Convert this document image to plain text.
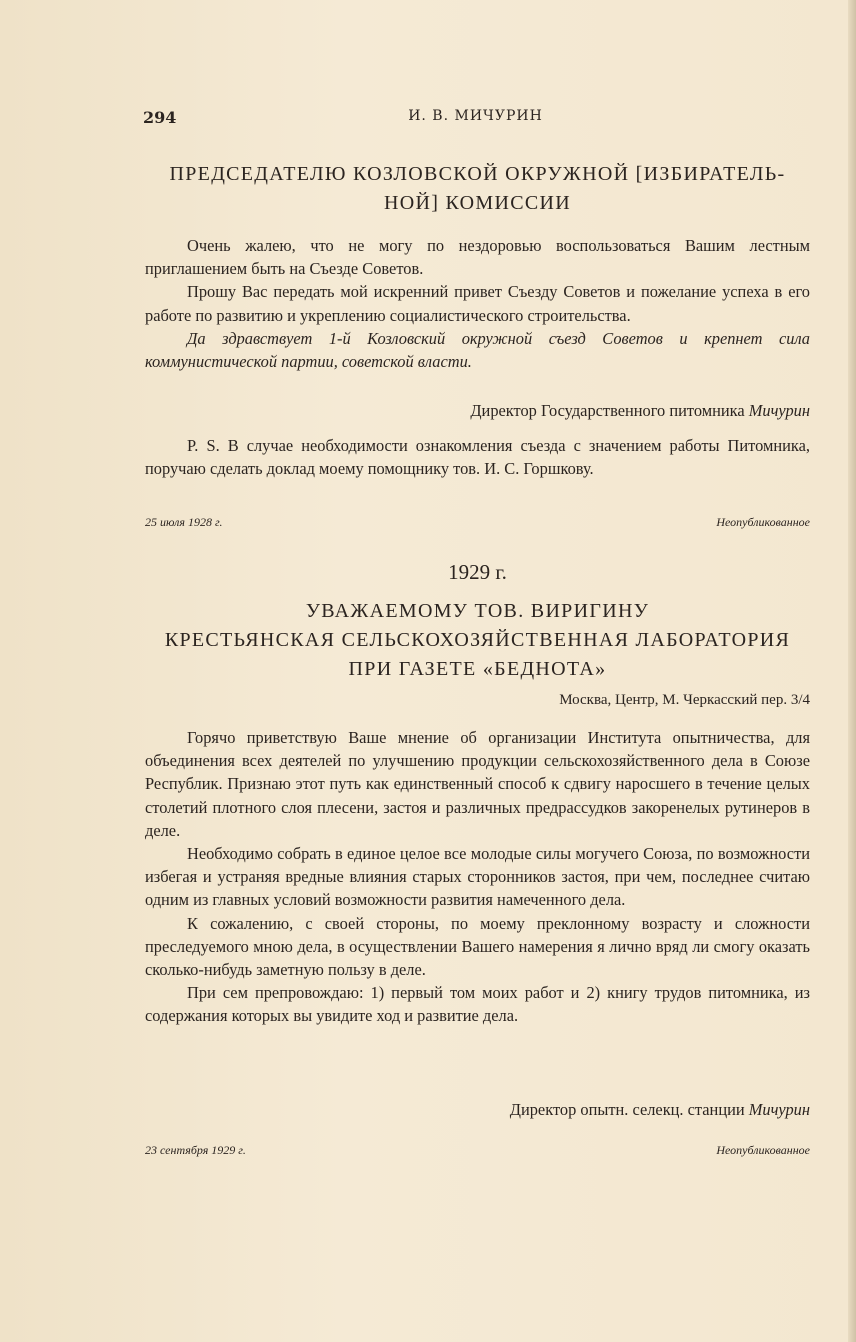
294	И. В. МИЧУРИН
ПРЕДСЕДАТЕЛЮ КОЗЛОВСКОЙ ОКРУЖНОЙ [ИЗБИРАТЕЛЬ-
НОЙ] КОМИССИИ

Очень жалею, что не могу по нездоровью воспользоваться Вашим лестным приглашением быть на Съезде Советов.

Прошу Вас передать мой искренний привет Съезду Советов и пожелание успеха в его работе по развитию и укреплению социалистического строительства.

Да здравствует 1-й Козловский окружной съезд Советов и крепнет сила коммунистической партии, советской власти.

Директор Государственного питомника Мичурин

P. S. В случае необходимости ознакомления съезда с значением работы Питомника, поручаю сделать доклад моему помощнику тов. И. С. Горшкову.

25 июля 1928 г.	Неопубликованное
1929 г.
УВАЖАЕМОМУ ТОВ. ВИРИГИНУ
КРЕСТЬЯНСКАЯ СЕЛЬСКОХОЗЯЙСТВЕННАЯ ЛАБОРАТОРИЯ
ПРИ ГАЗЕТЕ «БЕДНОТА»
Москва, Центр, М. Черкасский пер. 3/4

Горячо приветствую Ваше мнение об организации Института опытничества, для объединения всех деятелей по улучшению продукции сельскохозяйственного дела в Союзе Республик. Признаю этот путь как единственный способ к сдвигу наросшего в течение целых столетий плотного слоя плесени, застоя и различных предрассудков закоренелых рутинеров в деле.

Необходимо собрать в единое целое все молодые силы могучего Союза, по возможности избегая и устраняя вредные влияния старых сторонников застоя, при чем, последнее считаю одним из главных условий возможности развития намеченного дела.

К сожалению, с своей стороны, по моему преклонному возрасту и сложности преследуемого мною дела, в осуществлении Вашего намерения я лично вряд ли смогу оказать сколько-нибудь заметную пользу в деле.

При сем препровождаю: 1) первый том моих работ и 2) книгу трудов питомника, из содержания которых вы увидите ход и развитие дела.

Директор опытн. селекц. станции Мичурин
23 сентября 1929 г.	Неопубликованное
